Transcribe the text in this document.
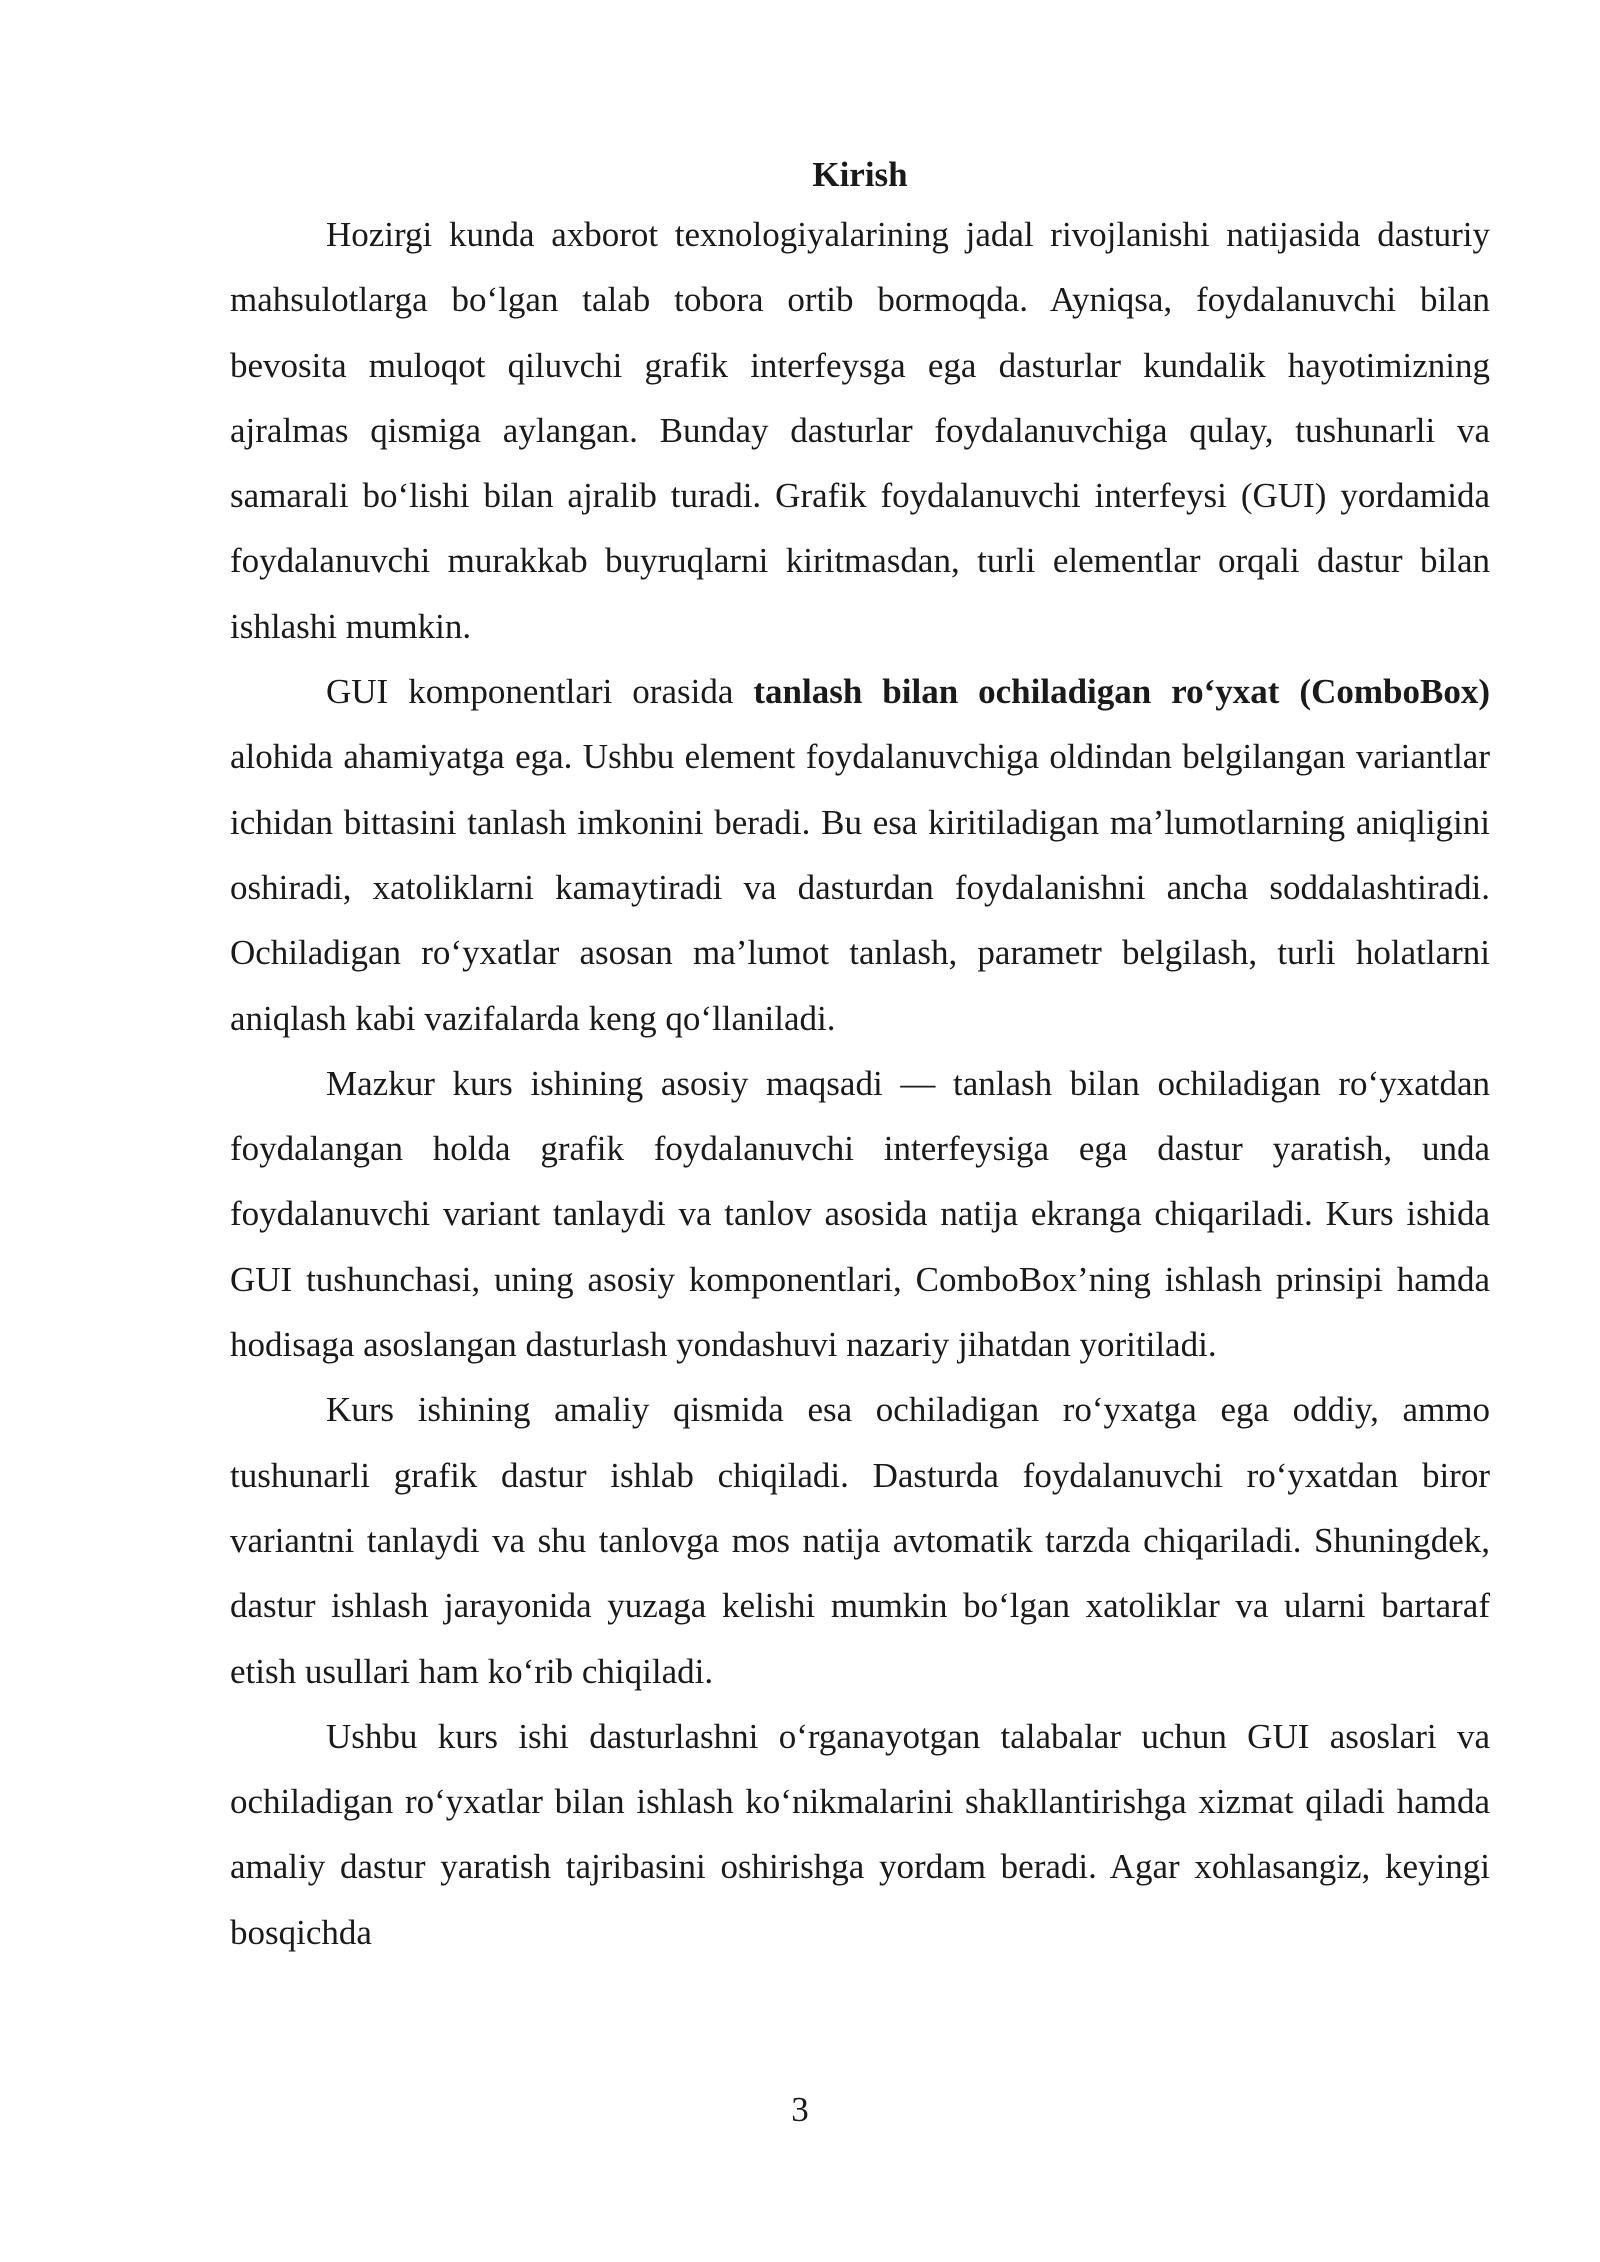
Kirish

Hozirgi kunda axborot texnologiyalarining jadal rivojlanishi natijasida dasturiy mahsulotlarga bo‘lgan talab tobora ortib bormoqda. Ayniqsa, foydalanuvchi bilan bevosita muloqot qiluvchi grafik interfeysga ega dasturlar kundalik hayotimizning ajralmas qismiga aylangan. Bunday dasturlar foydalanuvchiga qulay, tushunarli va samarali bo‘lishi bilan ajralib turadi. Grafik foydalanuvchi interfeysi (GUI) yordamida foydalanuvchi murakkab buyruqlarni kiritmasdan, turli elementlar orqali dastur bilan ishlashi mumkin.

GUI komponentlari orasida tanlash bilan ochiladigan ro‘yxat (ComboBox) alohida ahamiyatga ega. Ushbu element foydalanuvchiga oldindan belgilangan variantlar ichidan bittasini tanlash imkonini beradi. Bu esa kiritiladigan ma’lumotlarning aniqligini oshiradi, xatoliklarni kamaytiradi va dasturdan foydalanishni ancha soddalashtiradi. Ochiladigan ro‘yxatlar asosan ma’lumot tanlash, parametr belgilash, turli holatlarni aniqlash kabi vazifalarda keng qo‘llaniladi.

Mazkur kurs ishining asosiy maqsadi — tanlash bilan ochiladigan ro‘yxatdan foydalangan holda grafik foydalanuvchi interfeysiga ega dastur yaratish, unda foydalanuvchi variant tanlaydi va tanlov asosida natija ekranga chiqariladi. Kurs ishida GUI tushunchasi, uning asosiy komponentlari, ComboBox’ning ishlash prinsipi hamda hodisaga asoslangan dasturlash yondashuvi nazariy jihatdan yoritiladi.

Kurs ishining amaliy qismida esa ochiladigan ro‘yxatga ega oddiy, ammo tushunarli grafik dastur ishlab chiqiladi. Dasturda foydalanuvchi ro‘yxatdan biror variantni tanlaydi va shu tanlovga mos natija avtomatik tarzda chiqariladi. Shuningdek, dastur ishlash jarayonida yuzaga kelishi mumkin bo‘lgan xatoliklar va ularni bartaraf etish usullari ham ko‘rib chiqiladi.

Ushbu kurs ishi dasturlashni o‘rganayotgan talabalar uchun GUI asoslari va ochiladigan ro‘yxatlar bilan ishlash ko‘nikmalarini shakllantirishga xizmat qiladi hamda amaliy dastur yaratish tajribasini oshirishga yordam beradi. Agar xohlasangiz, keyingi bosqichda

3
